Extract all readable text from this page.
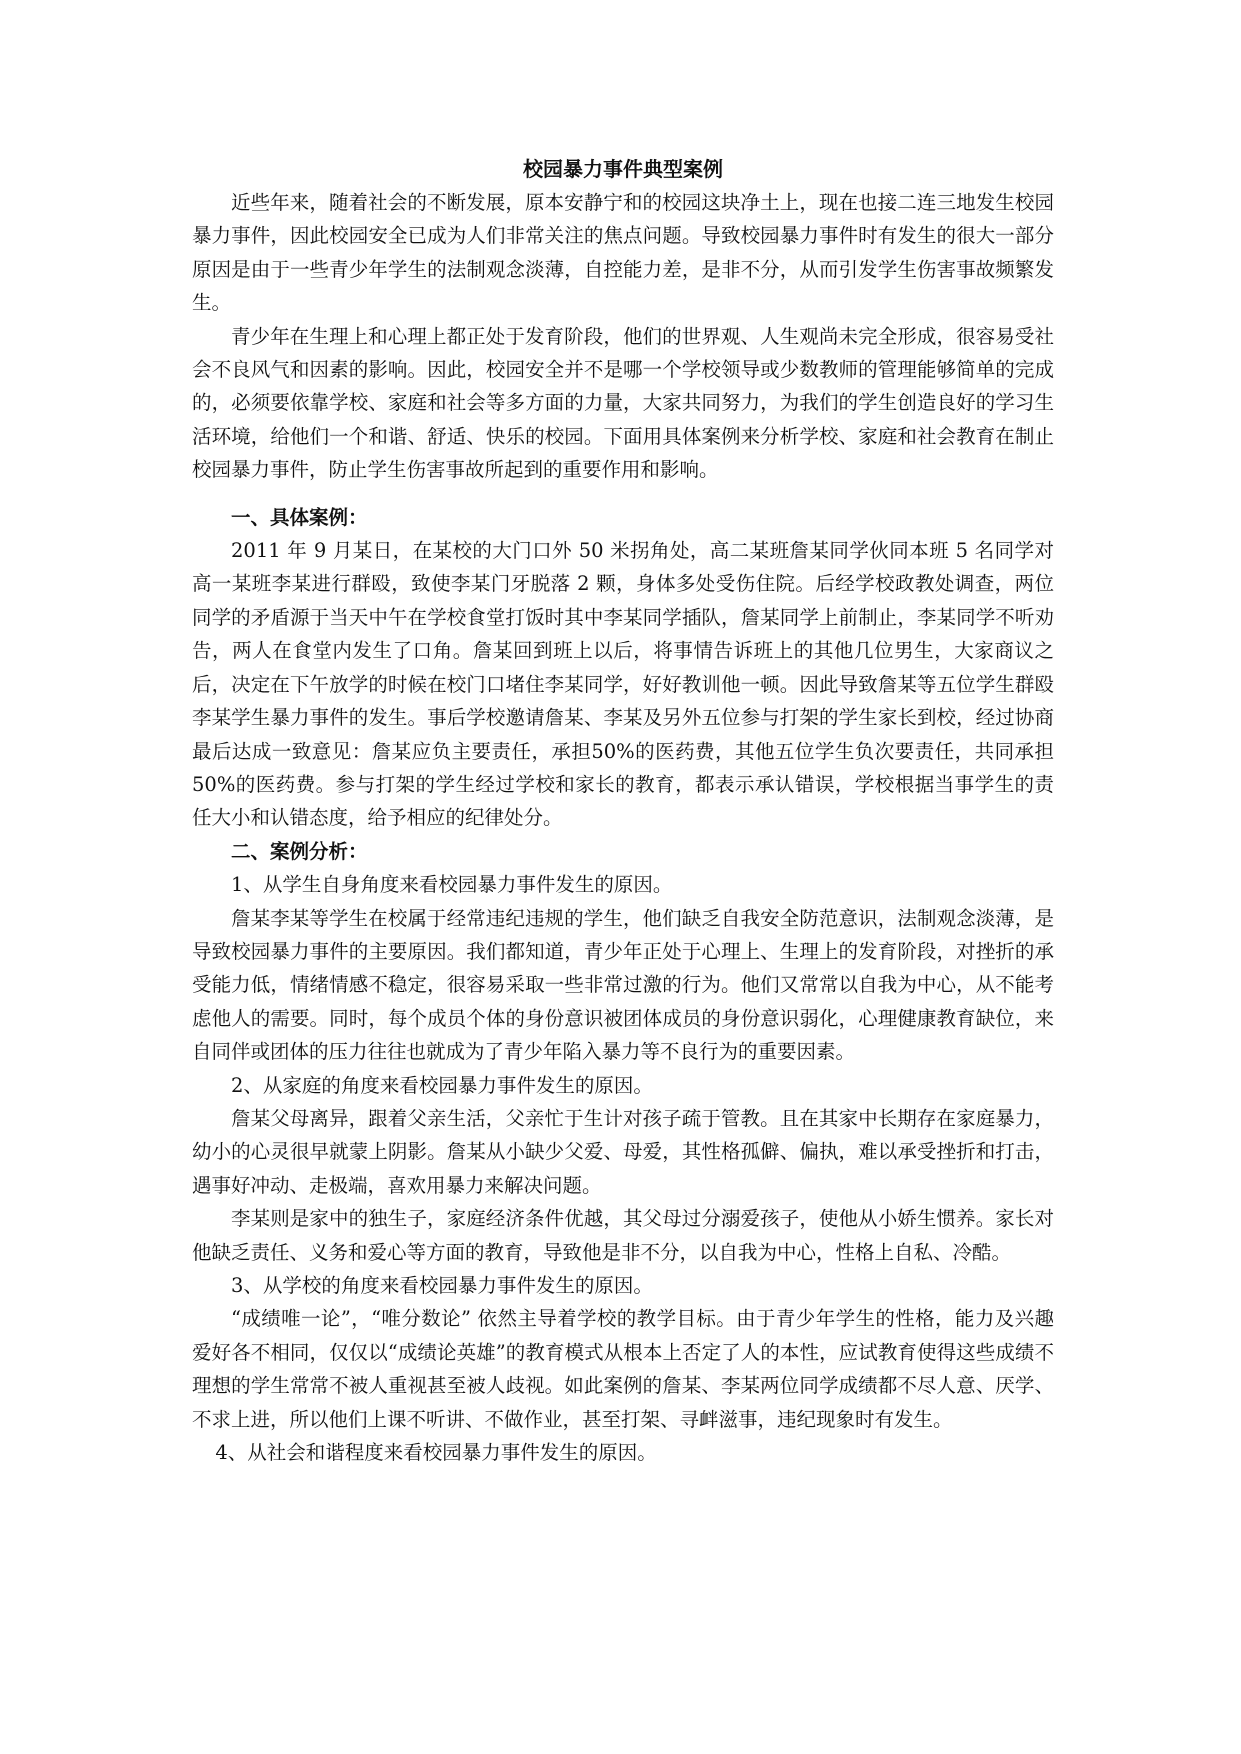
校园暴力事件典型案例

近些年来，随着社会的不断发展，原本安静宁和的校园这块净土上，现在也接二连三地发生校园暴力事件，因此校园安全已成为人们非常关注的焦点问题。导致校园暴力事件时有发生的很大一部分原因是由于一些青少年学生的法制观念淡薄，自控能力差，是非不分，从而引发学生伤害事故频繁发生。

青少年在生理上和心理上都正处于发育阶段，他们的世界观、人生观尚未完全形成，很容易受社会不良风气和因素的影响。因此，校园安全并不是哪一个学校领导或少数教师的管理能够简单的完成的，必须要依靠学校、家庭和社会等多方面的力量，大家共同努力，为我们的学生创造良好的学习生活环境，给他们一个和谐、舒适、快乐的校园。下面用具体案例来分析学校、家庭和社会教育在制止校园暴力事件，防止学生伤害事故所起到的重要作用和影响。

一、具体案例：

2011 年 9 月某日，在某校的大门口外 50 米拐角处，高二某班詹某同学伙同本班 5 名同学对高一某班李某进行群殴，致使李某门牙脱落 2 颗，身体多处受伤住院。后经学校政教处调查，两位同学的矛盾源于当天中午在学校食堂打饭时其中李某同学插队，詹某同学上前制止，李某同学不听劝告，两人在食堂内发生了口角。詹某回到班上以后，将事情告诉班上的其他几位男生，大家商议之后，决定在下午放学的时候在校门口堵住李某同学，好好教训他一顿。因此导致詹某等五位学生群殴李某学生暴力事件的发生。事后学校邀请詹某、李某及另外五位参与打架的学生家长到校，经过协商最后达成一致意见：詹某应负主要责任，承担50%的医药费，其他五位学生负次要责任，共同承担 50%的医药费。参与打架的学生经过学校和家长的教育，都表示承认错误，学校根据当事学生的责任大小和认错态度，给予相应的纪律处分。

二、案例分析：

1、从学生自身角度来看校园暴力事件发生的原因。

詹某李某等学生在校属于经常违纪违规的学生，他们缺乏自我安全防范意识，法制观念淡薄，是导致校园暴力事件的主要原因。我们都知道，青少年正处于心理上、生理上的发育阶段，对挫折的承受能力低，情绪情感不稳定，很容易采取一些非常过激的行为。他们又常常以自我为中心，从不能考虑他人的需要。同时，每个成员个体的身份意识被团体成员的身份意识弱化，心理健康教育缺位，来自同伴或团体的压力往往也就成为了青少年陷入暴力等不良行为的重要因素。

2、从家庭的角度来看校园暴力事件发生的原因。

詹某父母离异，跟着父亲生活，父亲忙于生计对孩子疏于管教。且在其家中长期存在家庭暴力，幼小的心灵很早就蒙上阴影。詹某从小缺少父爱、母爱，其性格孤僻、偏执，难以承受挫折和打击，遇事好冲动、走极端，喜欢用暴力来解决问题。

李某则是家中的独生子，家庭经济条件优越，其父母过分溺爱孩子，使他从小娇生惯养。家长对他缺乏责任、义务和爱心等方面的教育，导致他是非不分，以自我为中心，性格上自私、冷酷。

3、从学校的角度来看校园暴力事件发生的原因。

“成绩唯一论”，“唯分数论” 依然主导着学校的教学目标。由于青少年学生的性格，能力及兴趣爱好各不相同，仅仅以“成绩论英雄”的教育模式从根本上否定了人的本性，应试教育使得这些成绩不理想的学生常常不被人重视甚至被人歧视。如此案例的詹某、李某两位同学成绩都不尽人意、厌学、不求上进，所以他们上课不听讲、不做作业，甚至打架、寻衅滋事，违纪现象时有发生。

4、从社会和谐程度来看校园暴力事件发生的原因。
